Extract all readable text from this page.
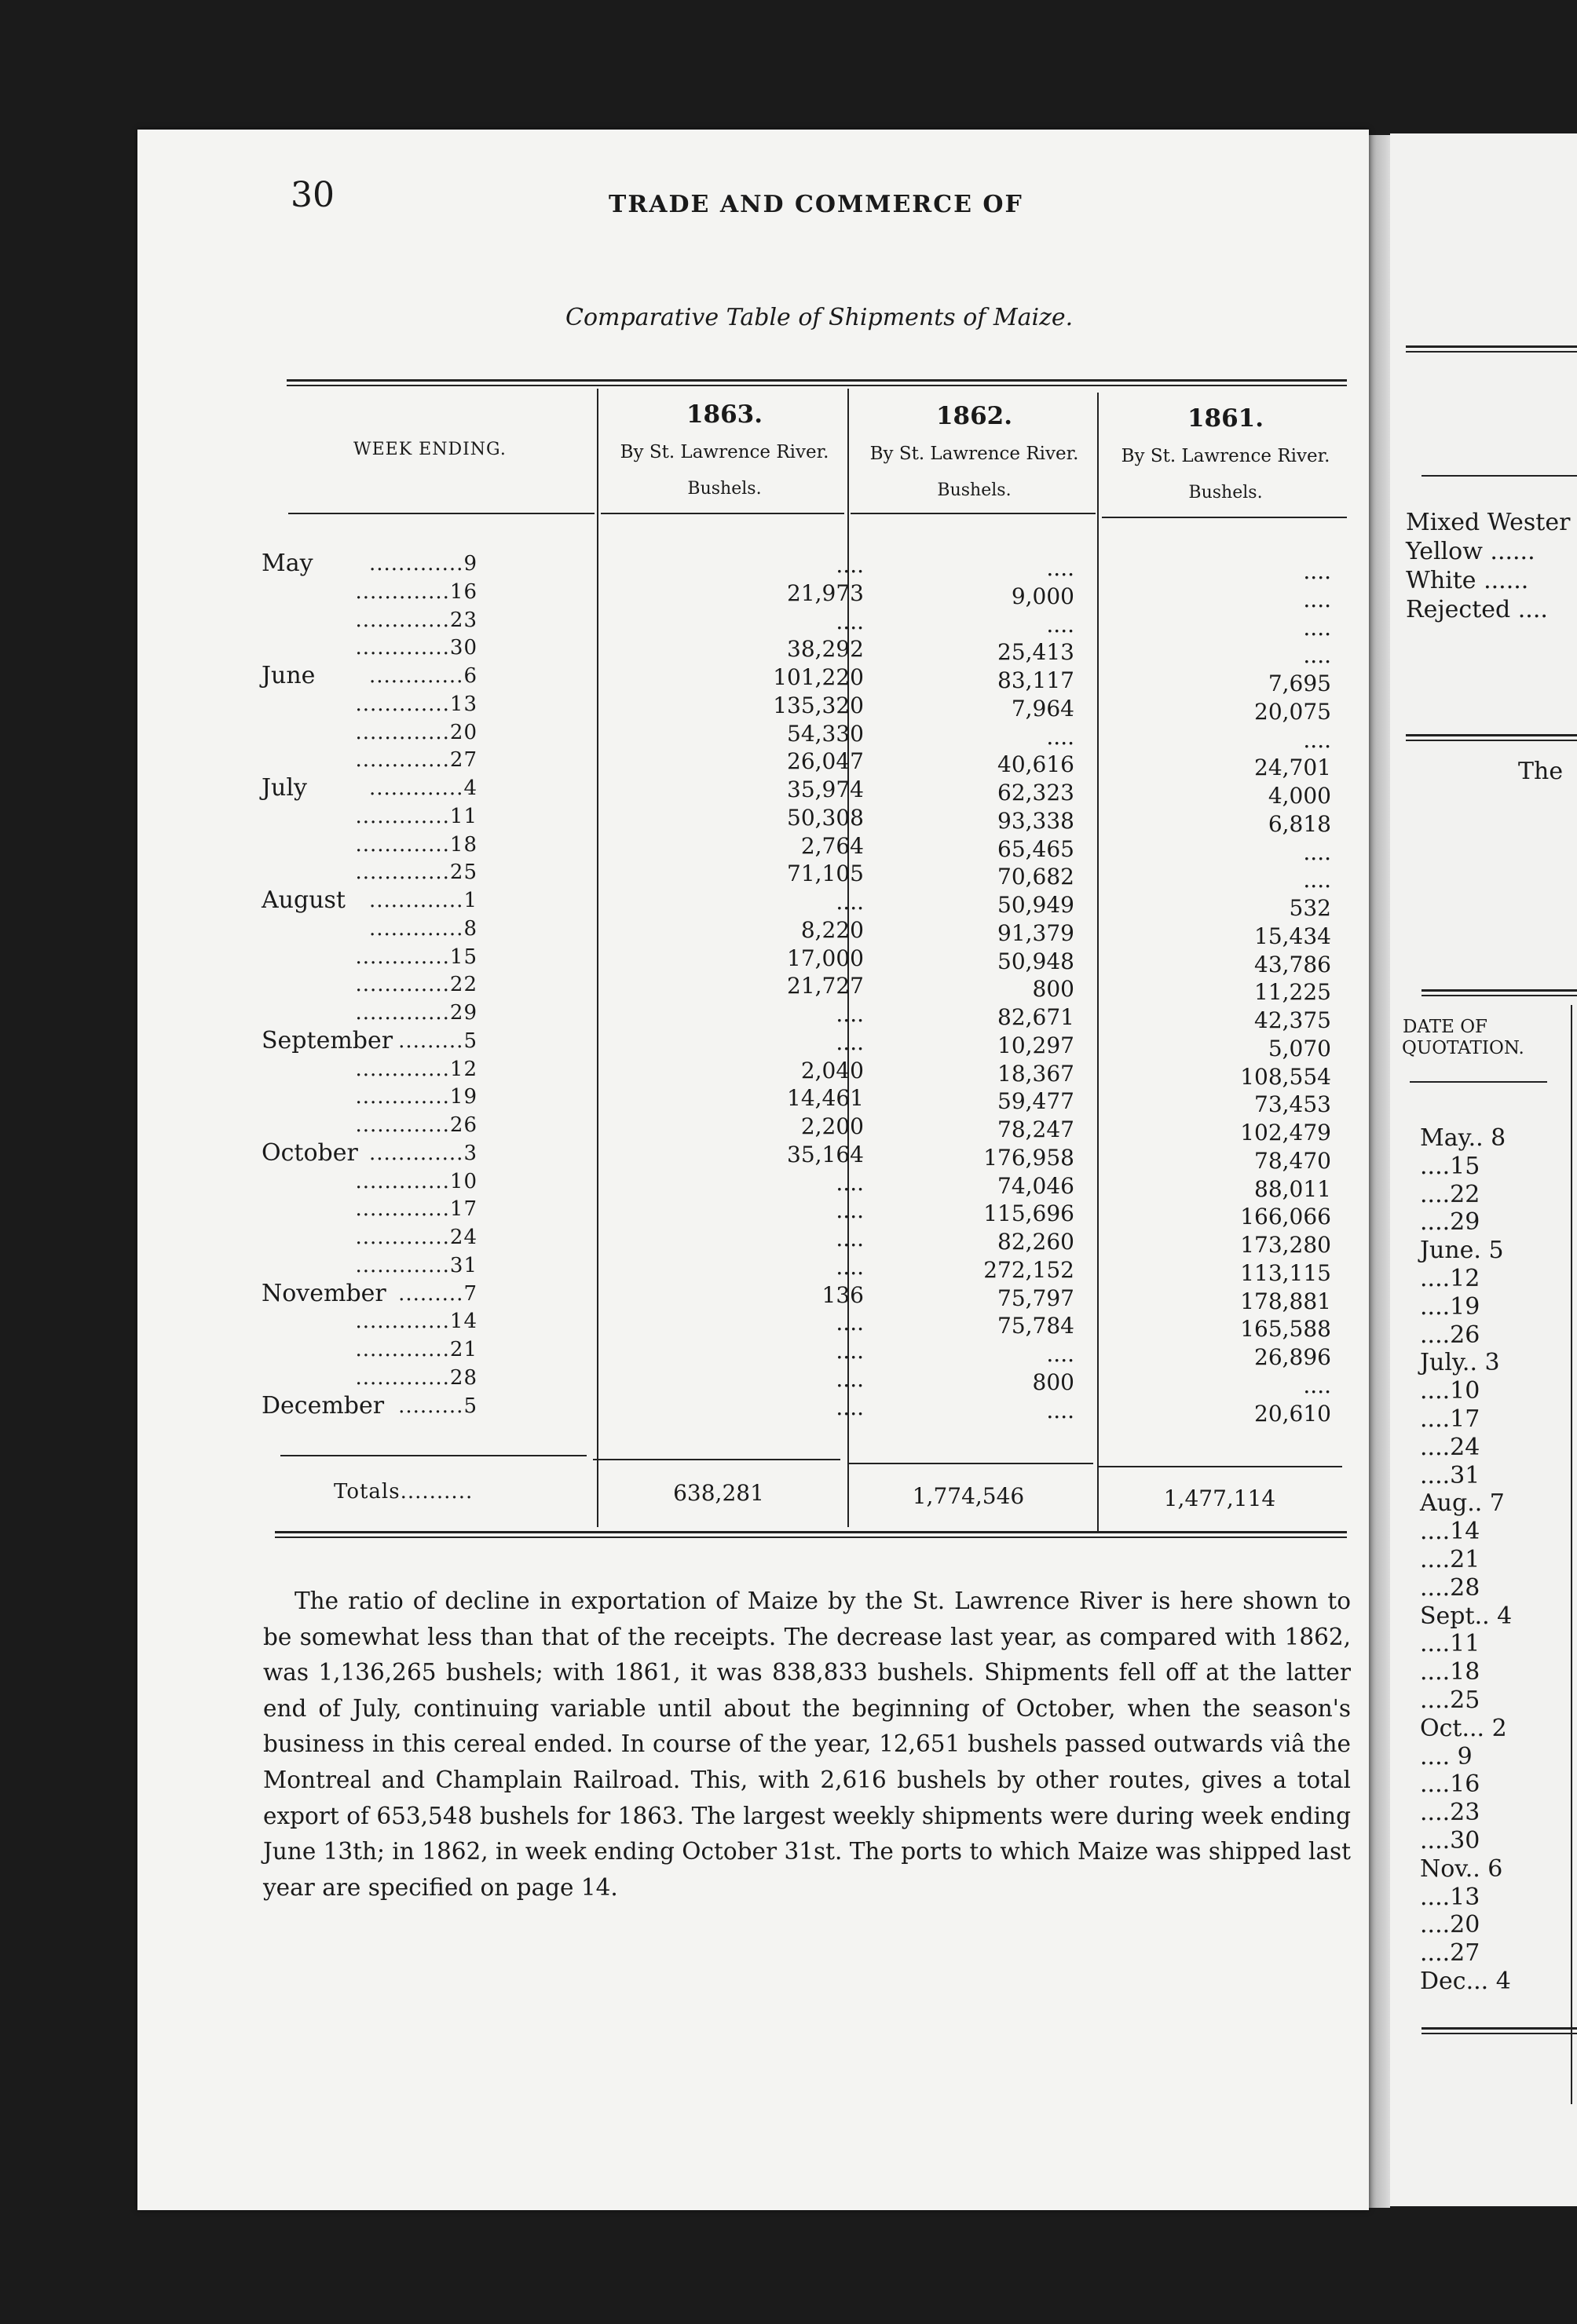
Mixed Wester
Yellow ......
White ......
Rejected ....
The
DATE OF QUOTATION.
May.. 8
....15
....22
....29
June. 5
....12
....19
....26
July.. 3
....10
....17
....24
....31
Aug.. 7
....14
....21
....28
Sept.. 4
....11
....18
....25
Oct... 2
.... 9
....16
....23
....30
Nov.. 6
....13
....20
....27
Dec... 4
30	TRADE AND COMMERCE OF
Comparative Table of Shipments of Maize.
WEEK ENDING.
1863.
By St. Lawrence River.
Bushels.
1862.
By St. Lawrence River.
Bushels.
1861.
By St. Lawrence River.
Bushels.
May	.............9	....	....	....
.............16	21,973	9,000	....
.............23	....	....	....
.............30	38,292	25,413	....
June	.............6	101,220	83,117	7,695
.............13	135,320	7,964	20,075
.............20	54,330	....	....
.............27	26,047	40,616	24,701
July	.............4	35,974	62,323	4,000
.............11	50,308	93,338	6,818
.............18	2,764	65,465	....
.............25	71,105	70,682	....
August	.............1	....	50,949	532
.............8	8,220	91,379	15,434
.............15	17,000	50,948	43,786
.............22	21,727	800	11,225
.............29	....	82,671	42,375
September .........5	....	10,297	5,070
.............12	2,040	18,367	108,554
.............19	14,461	59,477	73,453
.............26	2,200	78,247	102,479
October .............3	35,164	176,958	78,470
.............10	....	74,046	88,011
.............17	....	115,696	166,066
.............24	....	82,260	173,280
.............31	....	272,152	113,115
November .........7	136	75,797	178,881
.............14	....	75,784	165,588
.............21	....	....	26,896
.............28	....	800	....
December .........5	....	....	20,610
Totals..........	638,281	1,774,546	1,477,114

The ratio of decline in exportation of Maize by the St. Lawrence River is here shown to be somewhat less than that of the receipts. The decrease last year, as compared with 1862, was 1,136,265 bushels; with 1861, it was 838,833 bushels. Shipments fell off at the latter end of July, continuing variable until about the beginning of October, when the season's business in this cereal ended. In course of the year, 12,651 bushels passed outwards viâ the Montreal and Champlain Railroad. This, with 2,616 bushels by other routes, gives a total export of 653,548 bushels for 1863. The largest weekly shipments were during week ending June 13th; in 1862, in week ending October 31st. The ports to which Maize was shipped last year are specified on page 14.
